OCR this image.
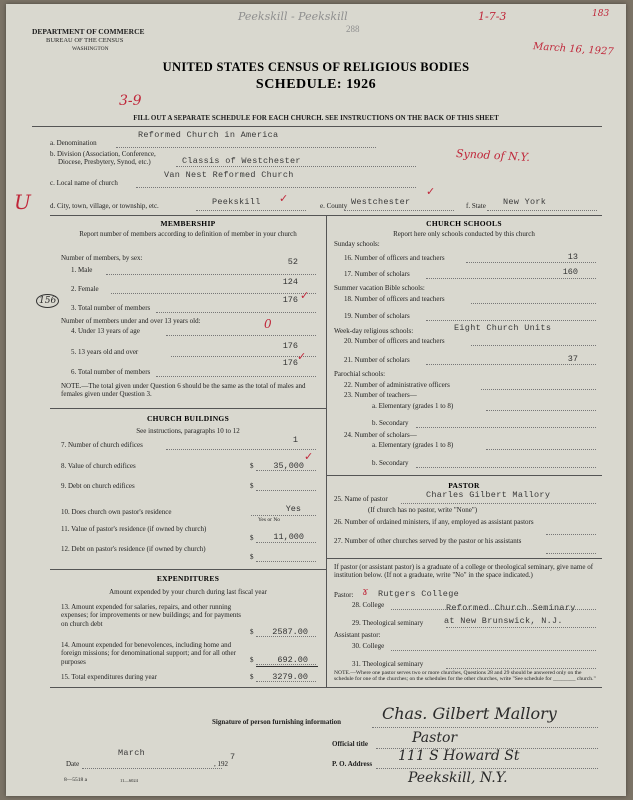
Peekskill - Peekskill
288
1-7-3	183
March 16, 1927
3-9
DEPARTMENT OF COMMERCE
BUREAU OF THE CENSUS
WASHINGTON
UNITED STATES CENSUS OF RELIGIOUS BODIES
SCHEDULE: 1926
FILL OUT A SEPARATE SCHEDULE FOR EACH CHURCH. SEE INSTRUCTIONS ON THE BACK OF THIS SHEET
a. Denomination
Reformed Church in America
b. Division (Association, Conference,
Diocese, Presbytery, Synod, etc.)	Classis of Westchester	Synod of N.Y.
c. Local name of church
Van Nest Reformed Church
U	d. City, town, village, or township, etc.	Peekskill ✓
e. County Westchester
✓
f. State New York
MEMBERSHIP
Report number of members according to definition of member in your church
Number of members, by sex:
1. Male
52
2. Female
124
156
3. Total number of members
176 ✓
Number of members under and over 13 years old:
4. Under 13 years of age	0
5. 13 years old and over
176
6. Total number of members
176 ✓
NOTE.—The total given under Question 6 should be the same as the total of males and females given under Question 3.
CHURCH BUILDINGS
See instructions, paragraphs 10 to 12
7. Number of church edifices	1
8. Value of church edifices	$	35,000
✓
9. Debt on church edifices	$
10. Does church own pastor's residence	Yes
Yes or No
11. Value of pastor's residence (if owned by church)
$	11,000
12. Debt on pastor's residence (if owned by church)
$
EXPENDITURES
Amount expended by your church during last fiscal year
13. Amount expended for salaries, repairs, and other running expenses; for improvements or new buildings; and for payments on church debt
$	2587.00
14. Amount expended for benevolences, including home and foreign missions; for denominational support; and for all other purposes	$	692.00
15. Total expenditures during year	$	3279.00
CHURCH SCHOOLS
Report here only schools conducted by this church
Sunday schools:
16. Number of officers and teachers	13
17. Number of scholars	160
Summer vacation Bible schools:
18. Number of officers and teachers
19. Number of scholars
Week-day religious schools:	Eight Church Units
20. Number of officers and teachers
21. Number of scholars	37
Parochial schools:
22. Number of administrative officers
23. Number of teachers—
a. Elementary (grades 1 to 8)
b. Secondary
24. Number of scholars—
a. Elementary (grades 1 to 8)
b. Secondary
PASTOR
25. Name of pastor	Charles Gilbert Mallory
(If church has no pastor, write "None")
26. Number of ordained ministers, if any, employed as assistant pastors
27. Number of other churches served by the pastor or his assistants
If pastor (or assistant pastor) is a graduate of a college or theological seminary, give name of institution below. (If not a graduate, write "No" in the space indicated.)
Pastor: ɤ
28. College
Rutgers College
Reformed Church Seminary
29. Theological seminary at New Brunswick, N.J.
Assistant pastor:
30. College
31. Theological seminary
NOTE.—Where one pastor serves two or more churches, Questions 28 and 29 should be answered only on the schedule for one of the churches; on the schedules for the other churches, write "See schedule for ________ church."
Signature of person furnishing information	Chas. Gilbert Mallory
Official title	Pastor
Date
March
, 192
7
P. O. Address 111 S Howard St
Peekskill, N.Y.
8—5518 a	11—6024
